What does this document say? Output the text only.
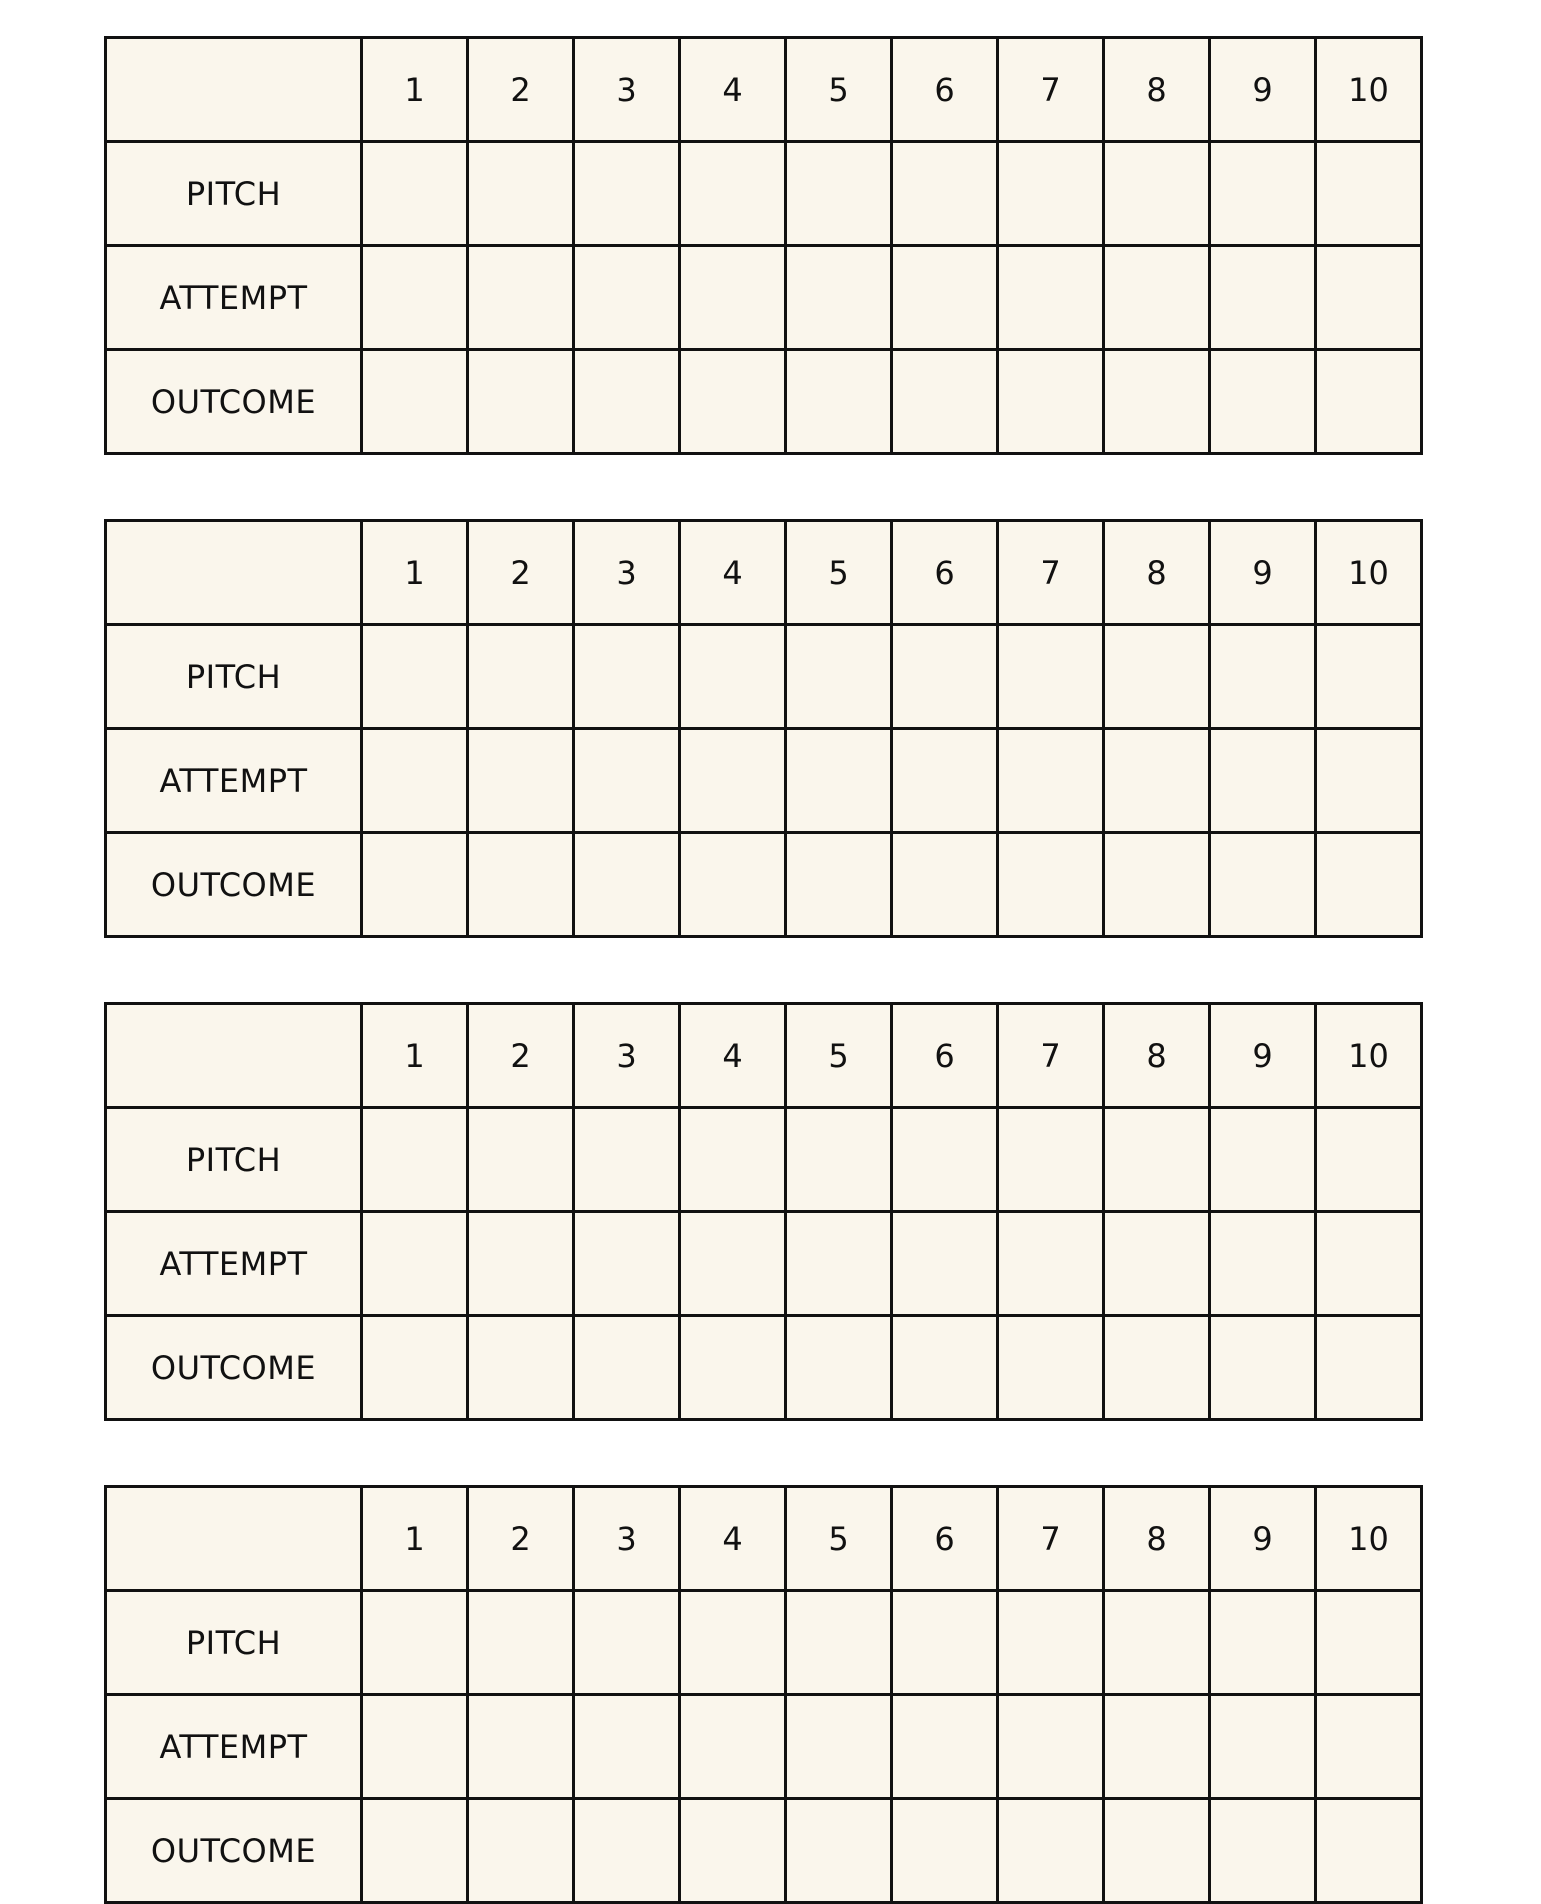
	1	2	3	4	5	6	7	8	9	10
PITCH										
ATTEMPT										
OUTCOME										
	1	2	3	4	5	6	7	8	9	10
PITCH										
ATTEMPT										
OUTCOME										
	1	2	3	4	5	6	7	8	9	10
PITCH										
ATTEMPT										
OUTCOME										
	1	2	3	4	5	6	7	8	9	10
PITCH										
ATTEMPT										
OUTCOME										
